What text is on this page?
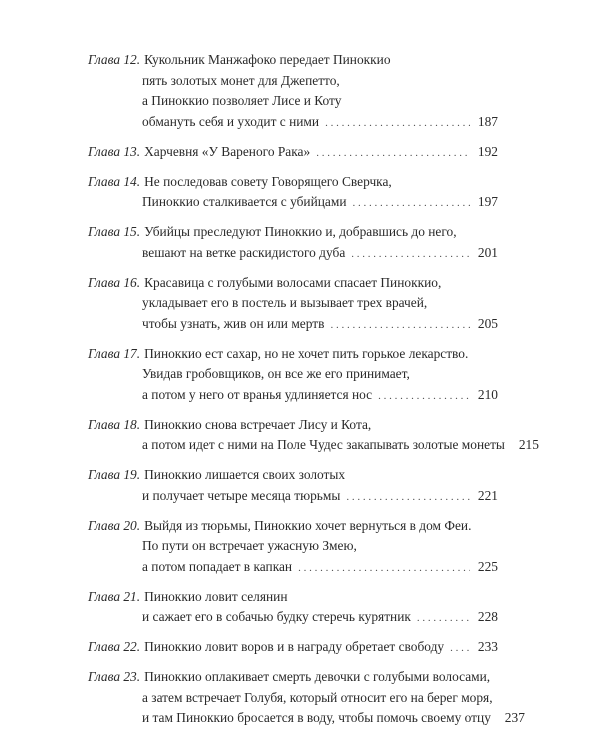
Глава 12. Кукольник Манжафоко передает Пиноккио
пять золотых монет для Джепетто,
а Пиноккио позволяет Лисе и Коту
обмануть себя и уходит с ними . . .	187
Глава 13. Харчевня «У Вареного Рака» . . .	192
Глава 14. Не последовав совету Говорящего Сверчка,
Пиноккио сталкивается с убийцами . . .	197
Глава 15. Убийцы преследуют Пиноккио и, добравшись до него,
вешают на ветке раскидистого дуба . . .	201
Глава 16. Красавица с голубыми волосами спасает Пиноккио,
укладывает его в постель и вызывает трех врачей,
чтобы узнать, жив он или мертв . . .	205
Глава 17. Пиноккио ест сахар, но не хочет пить горькое лекарство.
Увидав гробовщиков, он все же его принимает,
а потом у него от вранья удлиняется нос . . .	210
Глава 18. Пиноккио снова встречает Лису и Кота,
а потом идет с ними на Поле Чудес закапывать золотые монеты 215
Глава 19. Пиноккио лишается своих золотых
и получает четыре месяца тюрьмы . . .	221
Глава 20. Выйдя из тюрьмы, Пиноккио хочет вернуться в дом Феи.
По пути он встречает ужасную Змею,
а потом попадает в капкан . . .	225
Глава 21. Пиноккио ловит селянин
и сажает его в собачью будку стеречь курятник . . .	228
Глава 22. Пиноккио ловит воров и в награду обретает свободу . . .	233
Глава 23. Пиноккио оплакивает смерть девочки с голубыми волосами,
а затем встречает Голубя, который относит его на берег моря,
и там Пиноккио бросается в воду, чтобы помочь своему отцу 237
